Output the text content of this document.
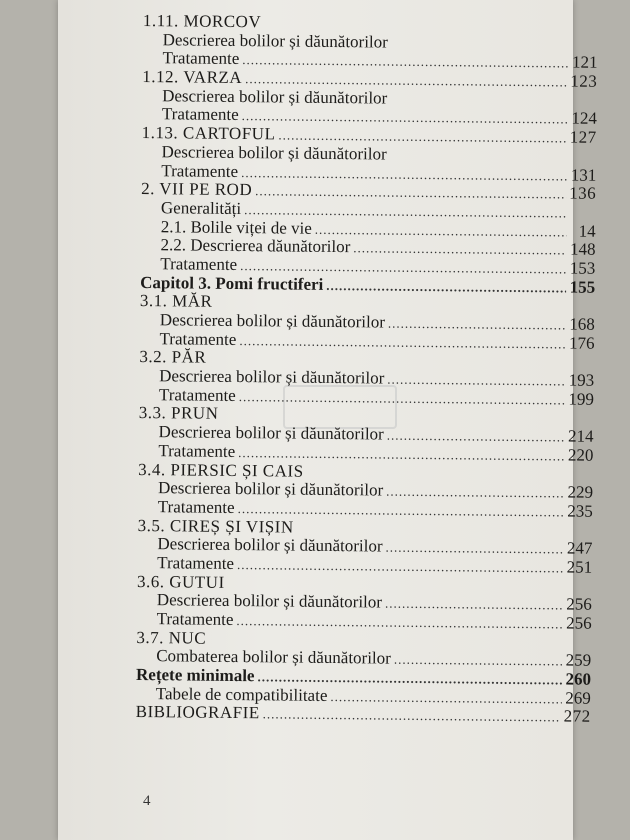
1.11. MORCOV
Descrierea bolilor și dăunătorilor
Tratamente .....	121
1.12. VARZA .....	123
Descrierea bolilor și dăunătorilor
Tratamente .....	124
1.13. CARTOFUL .....	127
Descrierea bolilor și dăunătorilor
Tratamente .....	131
2. VII PE ROD .....	136
Generalități
.....
2.1. Bolile viței de vie .....	14
2.2. Descrierea dăunătorilor .....	148
Tratamente .....	153
Capitol 3. Pomi fructiferi .....	155
3.1. MĂR
Descrierea bolilor și dăunătorilor .....	168
Tratamente .....	176
3.2. PĂR
Descrierea bolilor și dăunătorilor .....	193
Tratamente .....	199
3.3. PRUN
Descrierea bolilor și dăunătorilor .....	214
Tratamente .....	220
3.4. PIERSIC ȘI CAIS
Descrierea bolilor și dăunătorilor .....	229
Tratamente .....	235
3.5. CIREȘ ȘI VIȘIN
Descrierea bolilor și dăunătorilor .....	247
Tratamente .....	251
3.6. GUTUI
Descrierea bolilor și dăunătorilor .....	256
Tratamente .....	256
3.7. NUC
Combaterea bolilor și dăunătorilor .....	259
Rețete minimale .....	260
Tabele de compatibilitate .....	269
BIBLIOGRAFIE .....	272
4
